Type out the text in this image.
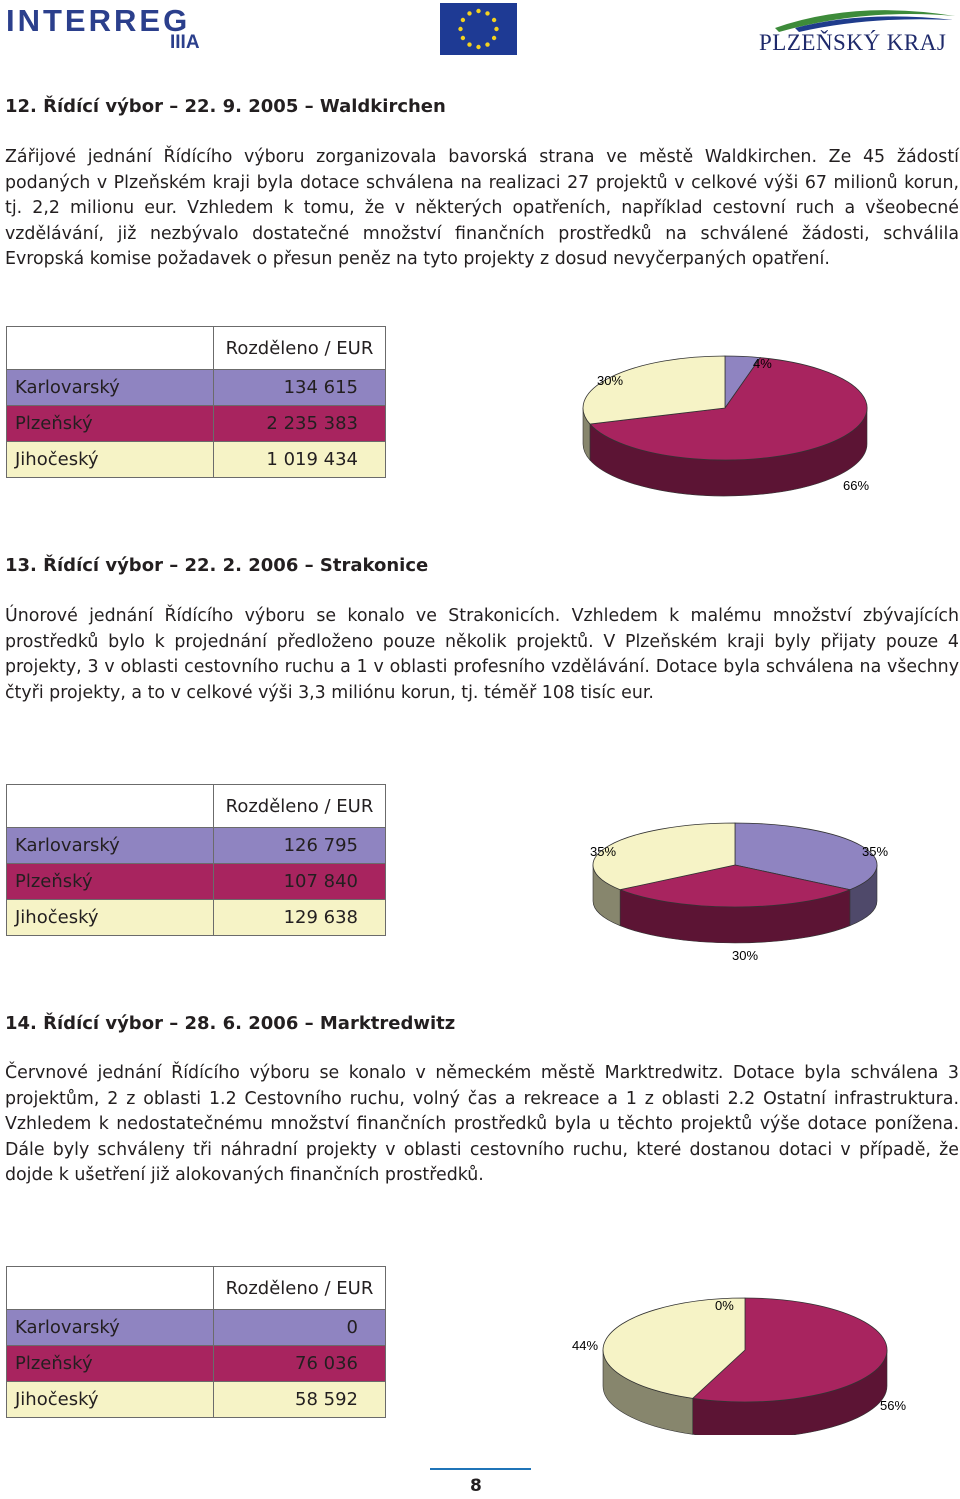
INTERREG
IIIA	PLZEŇSKÝ KRAJ
12. Řídící výbor – 22. 9. 2005 – Waldkirchen

Zářijové jednání Řídícího výboru zorganizovala bavorská strana ve městě Waldkirchen. Ze 45 žádostí podaných v Plzeňském kraji byla dotace schválena na realizaci 27 projektů v celkové výši 67 milionů korun, tj. 2,2 milionu eur. Vzhledem k tomu, že v některých opatřeních, například cestovní ruch a všeobecné vzdělávání, již nezbývalo dostatečné množství finančních prostředků na schválené žádosti, schválila Evropská komise požadavek o přesun peněz na tyto projekty z dosud nevyčerpaných opatření.

	Rozděleno / EUR
Karlovarský	134 615
Plzeňský	2 235 383
Jihočeský	1 019 434
4%
66%
30%
13. Řídící výbor – 22. 2. 2006 – Strakonice

Únorové jednání Řídícího výboru se konalo ve Strakonicích. Vzhledem k malému množství zbývajících prostředků bylo k projednání předloženo pouze několik projektů. V Plzeňském kraji byly přijaty pouze 4 projekty, 3 v oblasti cestovního ruchu a 1 v oblasti profesního vzdělávání. Dotace byla schválena na všechny čtyři projekty, a to v celkové výši 3,3 miliónu korun, tj. téměř 108 tisíc eur.

	Rozděleno / EUR
Karlovarský	126 795
Plzeňský	107 840
Jihočeský	129 638
35%
30%
35%
14. Řídící výbor – 28. 6. 2006 – Marktredwitz

Červnové jednání Řídícího výboru se konalo v německém městě Marktredwitz. Dotace byla schválena 3 projektům, 2 z oblasti 1.2 Cestovního ruchu, volný čas a rekreace a 1 z oblasti 2.2 Ostatní infrastruktura. Vzhledem k nedostatečnému množství finančních prostředků byla u těchto projektů výše dotace ponížena. Dále byly schváleny tři náhradní projekty v oblasti cestovního ruchu, které dostanou dotaci v případě, že dojde k ušetření již alokovaných finančních prostředků.

	Rozděleno / EUR
Karlovarský	0
Plzeňský	76 036
Jihočeský	58 592
0%
56%
44%
8
